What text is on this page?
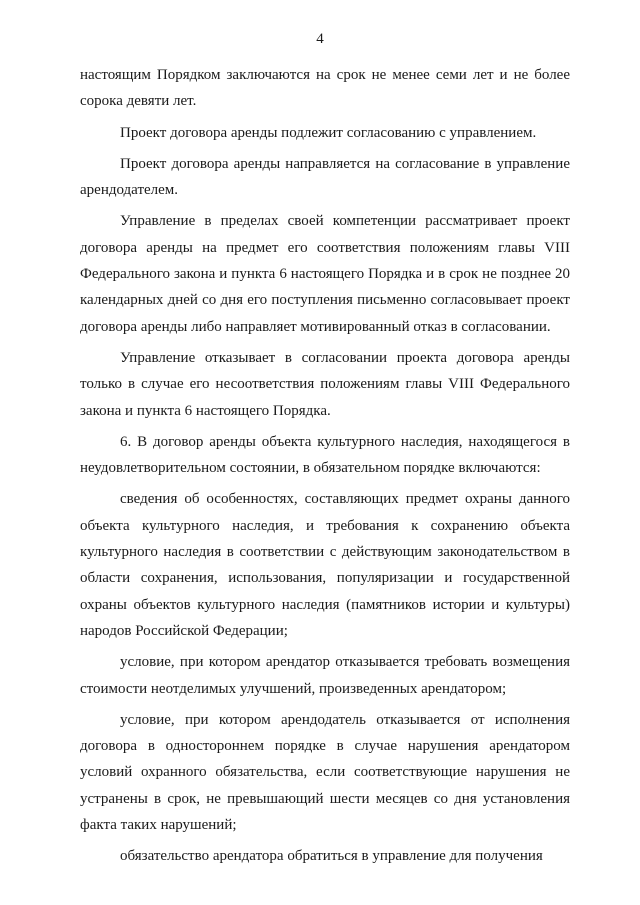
4

настоящим Порядком заключаются на срок не менее семи лет и не более сорока девяти лет.

Проект договора аренды подлежит согласованию с управлением.

Проект договора аренды направляется на согласование в управление арендодателем.

Управление в пределах своей компетенции рассматривает проект договора аренды на предмет его соответствия положениям главы VIII Федерального закона и пункта 6 настоящего Порядка и в срок не позднее 20 календарных дней со дня его поступления письменно согласовывает проект договора аренды либо направляет мотивированный отказ в согласовании.

Управление отказывает в согласовании проекта договора аренды только в случае его несоответствия положениям главы VIII Федерального закона и пункта 6 настоящего Порядка.

6. В договор аренды объекта культурного наследия, находящегося в неудовлетворительном состоянии, в обязательном порядке включаются:

сведения об особенностях, составляющих предмет охраны данного объекта культурного наследия, и требования к сохранению объекта культурного наследия в соответствии с действующим законодательством в области сохранения, использования, популяризации и государственной охраны объектов культурного наследия (памятников истории и культуры) народов Российской Федерации;

условие, при котором арендатор отказывается требовать возмещения стоимости неотделимых улучшений, произведенных арендатором;

условие, при котором арендодатель отказывается от исполнения договора в одностороннем порядке в случае нарушения арендатором условий охранного обязательства, если соответствующие нарушения не устранены в срок, не превышающий шести месяцев со дня установления факта таких нарушений;

обязательство арендатора обратиться в управление для получения
